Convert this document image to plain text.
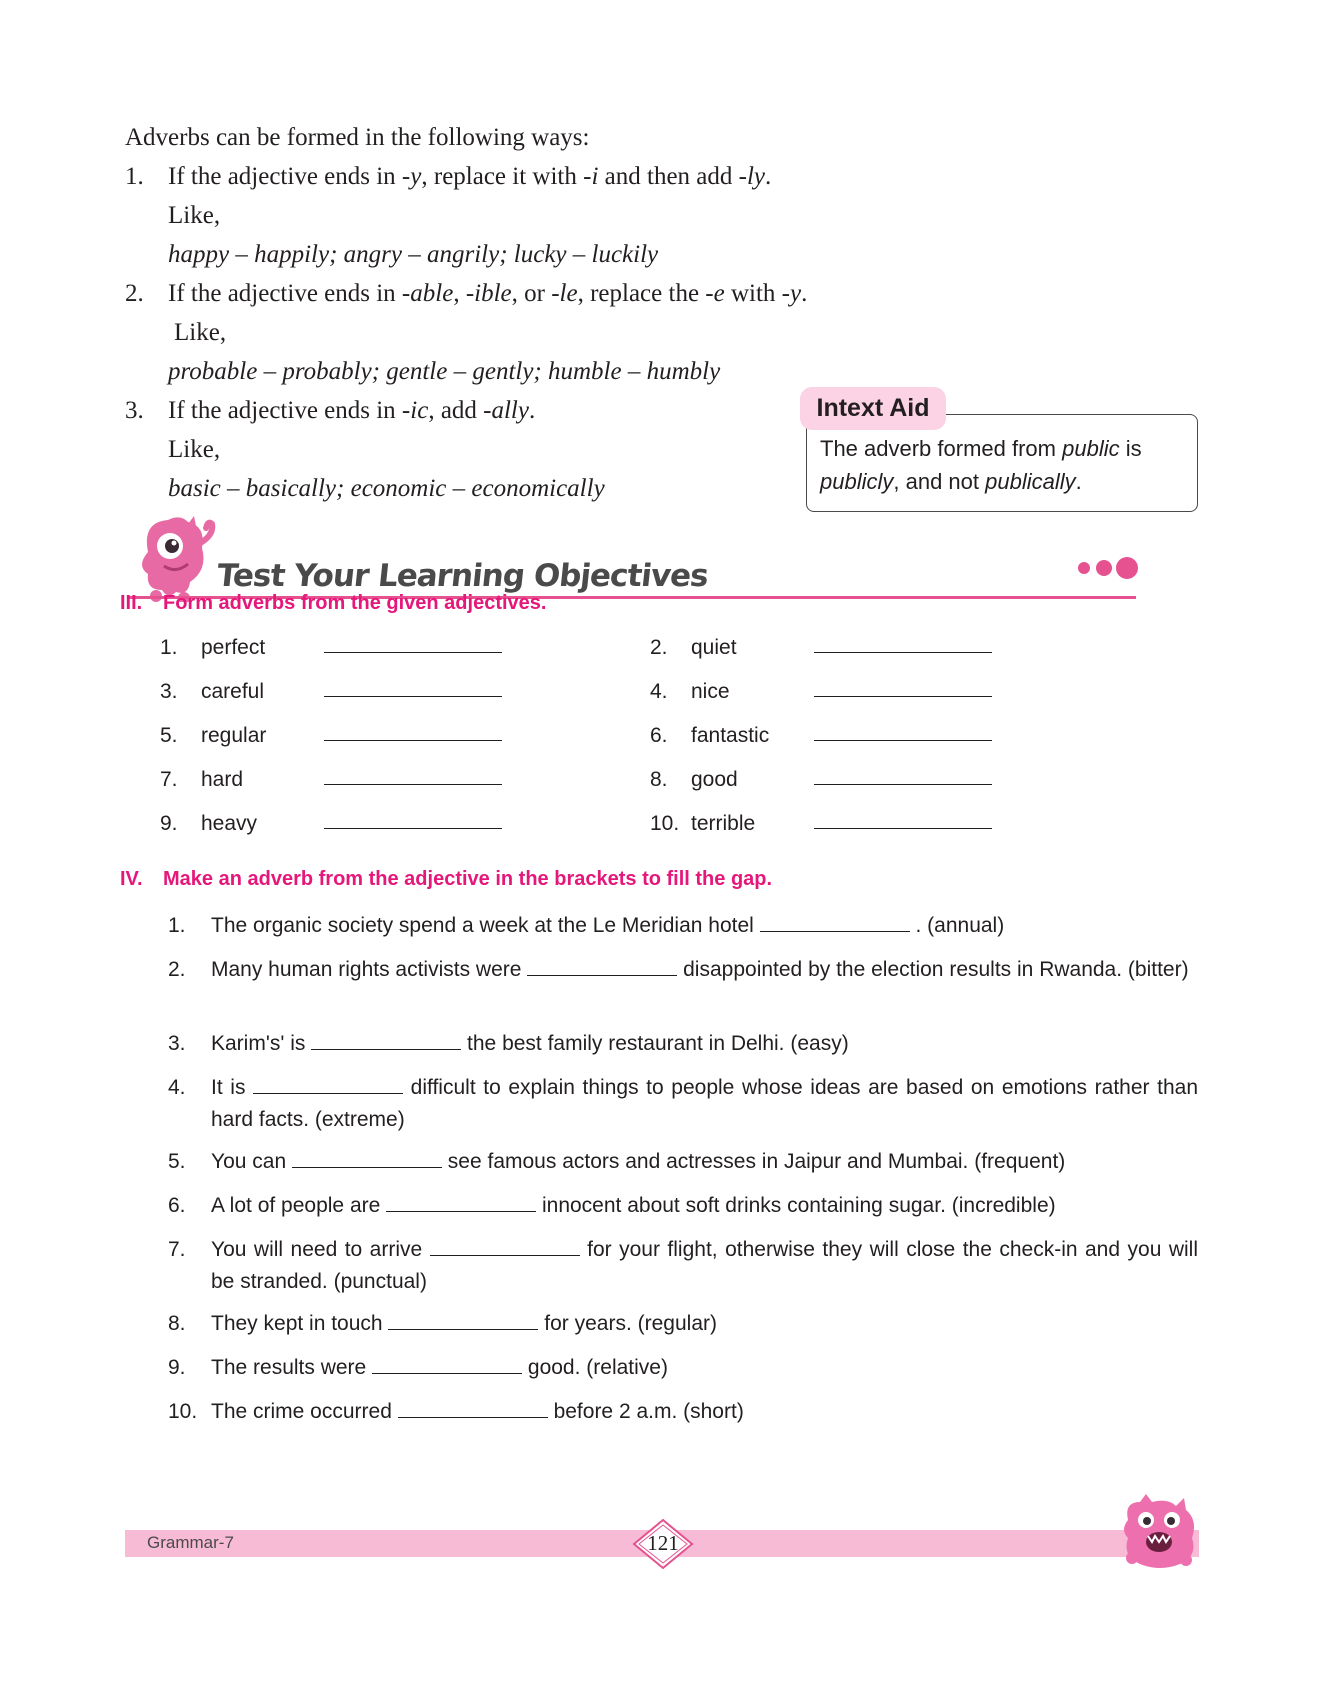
Adverbs can be formed in the following ways:
1. If the adjective ends in -y, replace it with -i and then add -ly.
Like,
happy – happily; angry – angrily; lucky – luckily
2. If the adjective ends in -able, -ible, or -le, replace the -e with -y.
Like,
probable – probably; gentle – gently; humble – humbly
3. If the adjective ends in -ic, add -ally.
Like,
basic – basically; economic – economically
Intext Aid
The adverb formed from public is publicly, and not publically.
Test Your Learning Objectives
III. Form adverbs from the given adjectives.
1. perfect	2. quiet
3. careful	4. nice
5. regular	6. fantastic
7. hard	8. good
9. heavy	10. terrible
IV. Make an adverb from the adjective in the brackets to fill the gap.
1. The organic society spend a week at the Le Meridian hotel	. (annual)
2. Many human rights activists were	disappointed by the election results in Rwanda. (bitter)
3. Karim's' is	the best family restaurant in Delhi. (easy)
4. It is	difficult to explain things to people whose ideas are based on emotions rather than hard facts. (extreme)
5. You can	see famous actors and actresses in Jaipur and Mumbai. (frequent)
6. A lot of people are	innocent about soft drinks containing sugar. (incredible)
7. You will need to arrive	for your flight, otherwise they will close the check-in and you will be stranded. (punctual)
8. They kept in touch	for years. (regular)
9. The results were	good. (relative)
10. The crime occurred	before 2 a.m. (short)
Grammar-7	121
